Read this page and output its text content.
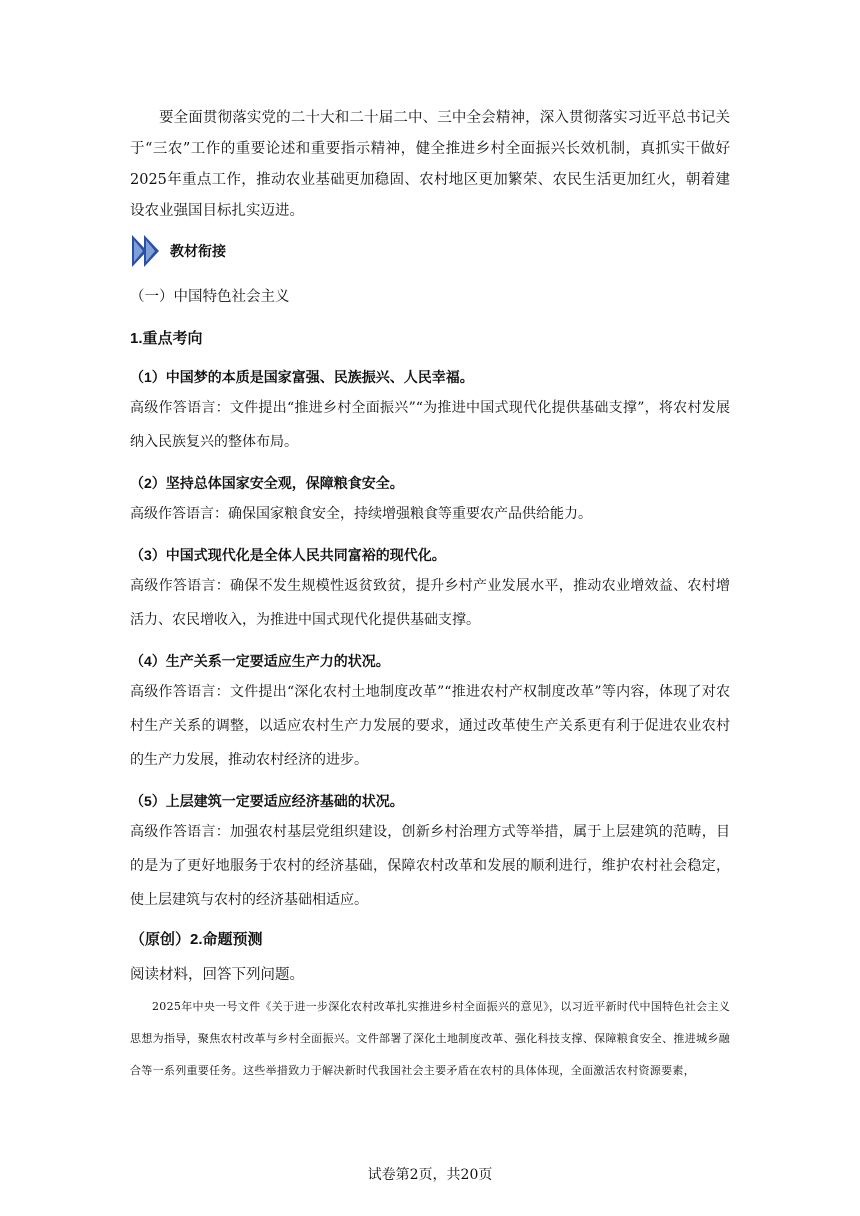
要全面贯彻落实党的二十大和二十届二中、三中全会精神，深入贯彻落实习近平总书记关于“三农”工作的重要论述和重要指示精神，健全推进乡村全面振兴长效机制，真抓实干做好2025年重点工作，推动农业基础更加稳固、农村地区更加繁荣、农民生活更加红火，朝着建设农业强国目标扎实迈进。

教材衔接

（一）中国特色社会主义

1.重点考向

（1）中国梦的本质是国家富强、民族振兴、人民幸福。

高级作答语言：文件提出“推进乡村全面振兴”“为推进中国式现代化提供基础支撑”，将农村发展纳入民族复兴的整体布局。

（2）坚持总体国家安全观，保障粮食安全。

高级作答语言：确保国家粮食安全，持续增强粮食等重要农产品供给能力。

（3）中国式现代化是全体人民共同富裕的现代化。

高级作答语言：确保不发生规模性返贫致贫，提升乡村产业发展水平，推动农业增效益、农村增活力、农民增收入，为推进中国式现代化提供基础支撑。

（4）生产关系一定要适应生产力的状况。

高级作答语言：文件提出“深化农村土地制度改革”“推进农村产权制度改革”等内容，体现了对农村生产关系的调整，以适应农村生产力发展的要求，通过改革使生产关系更有利于促进农业农村的生产力发展，推动农村经济的进步。

（5）上层建筑一定要适应经济基础的状况。

高级作答语言：加强农村基层党组织建设，创新乡村治理方式等举措，属于上层建筑的范畴，目的是为了更好地服务于农村的经济基础，保障农村改革和发展的顺利进行，维护农村社会稳定，使上层建筑与农村的经济基础相适应。

（原创）2.命题预测

阅读材料，回答下列问题。

2025年中央一号文件《关于进一步深化农村改革扎实推进乡村全面振兴的意见》，以习近平新时代中国特色社会主义思想为指导，聚焦农村改革与乡村全面振兴。文件部署了深化土地制度改革、强化科技支撑、保障粮食安全、推进城乡融合等一系列重要任务。这些举措致力于解决新时代我国社会主要矛盾在农村的具体体现，全面激活农村资源要素，

试卷第2页，共20页
